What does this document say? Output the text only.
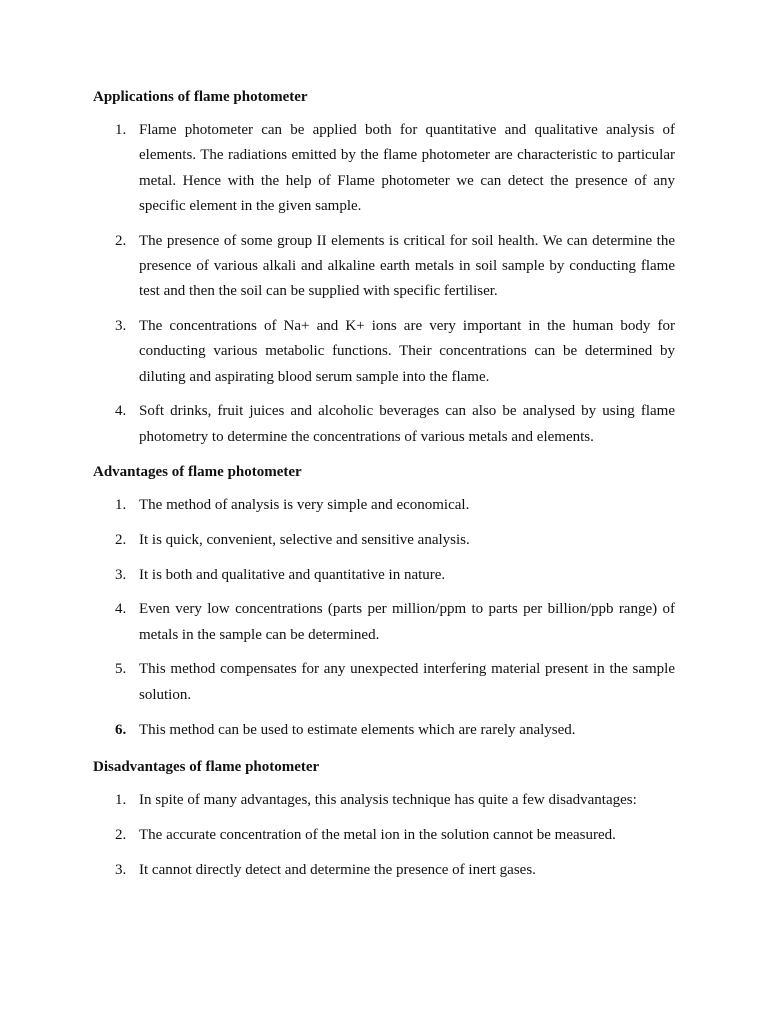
Applications of flame photometer
1. Flame photometer can be applied both for quantitative and qualitative analysis of elements. The radiations emitted by the flame photometer are characteristic to particular metal. Hence with the help of Flame photometer we can detect the presence of any specific element in the given sample.
2. The presence of some group II elements is critical for soil health. We can determine the presence of various alkali and alkaline earth metals in soil sample by conducting flame test and then the soil can be supplied with specific fertiliser.
3. The concentrations of Na+ and K+ ions are very important in the human body for conducting various metabolic functions. Their concentrations can be determined by diluting and aspirating blood serum sample into the flame.
4. Soft drinks, fruit juices and alcoholic beverages can also be analysed by using flame photometry to determine the concentrations of various metals and elements.
Advantages of flame photometer
1. The method of analysis is very simple and economical.
2. It is quick, convenient, selective and sensitive analysis.
3. It is both and qualitative and quantitative in nature.
4. Even very low concentrations (parts per million/ppm to parts per billion/ppb range) of metals in the sample can be determined.
5. This method compensates for any unexpected interfering material present in the sample solution.
6. This method can be used to estimate elements which are rarely analysed.
Disadvantages of flame photometer
1. In spite of many advantages, this analysis technique has quite a few disadvantages:
2. The accurate concentration of the metal ion in the solution cannot be measured.
3. It cannot directly detect and determine the presence of inert gases.
